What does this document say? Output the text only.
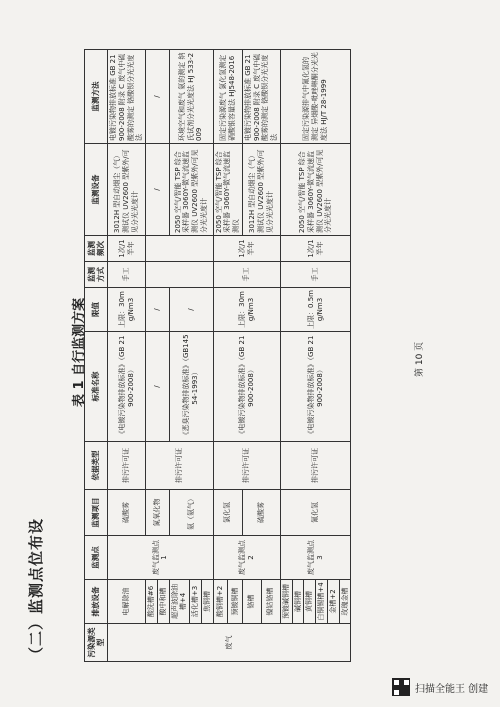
（二）监测点位布设
表 1 自行监测方案
污染源类型	排放设备	监测点	监测项目	依据类型	标准名称	限值	监测方式	监测频次	监测设备	监测方法
废气	电解除油	废气监测点 1	硫酸雾	排污许可证	《电镀污染物排放标准》（GB 21900-2008）	上限：30mg/Nm3	手工	1次/1半年	3012H 型自动烟尘（气）测试仪 UV2600 型紫外/可见分光光度计	电镀污染物排放标准 GB 21900-2008 附录 C 废气中硫酸雾的测定 铬酸钡分光光度法
	酸洗槽#6		氮氧化物	排污许可证	/	/			/	/
	酸中和槽									
	超声波除油槽+4		氨（氨气）		《恶臭污染物排放标准》（GB14554-1993）	/			2050 空气/智能 TSP 综合采样器 3060Y-微气流速监测仪 UV2600 型紫外/可见分光光度计	环境空气和废气 氨的测定 纳氏试剂分光光度法 HJ 533-2009
	活化槽+3									
	焦铜槽									
	酸铜槽+2	废气监测点 2	氯化氢	排污许可证	《电镀污染物排放标准》（GB 21900-2008）	上限：30mg/Nm3	手工	1次/1半年	2050 空气/智能 TSP 综合采样器 3060Y-微气流速监测仪	固定污染源废气 氯化氢测定 硝酸银容量法 HJ548-2016
	预镀铜槽									
	铬槽		硫酸雾						3012H 型自动烟尘（气）测试仪 UV2600 型紫外/可见分光光度计	电镀污染物排放标准 GB 21900-2008 附录 C 废气中硫酸雾的测定 铬酸钡分光光度法
	镍钴铬槽									
	预镀碱铜槽	废气监测点 3	氰化氢	排污许可证	《电镀污染物排放标准》（GB 21900-2008）	上限：0.5mg/Nm3	手工	1次/1半年	2050 空气/智能 TSP 综合采样器 3060Y-微气流速监测仪 UV2600 型紫外/可见分光光度计	固定污染源排气中氰化氢的测定 异烟酸-吡唑啉酮分光光度法 HJ/T 28-1999
	碱铜槽									
	黄铜槽									
	白铜锡槽+4									
	金槽+2									
	玫瑰金槽									
第 10 页
扫描全能王 创建
